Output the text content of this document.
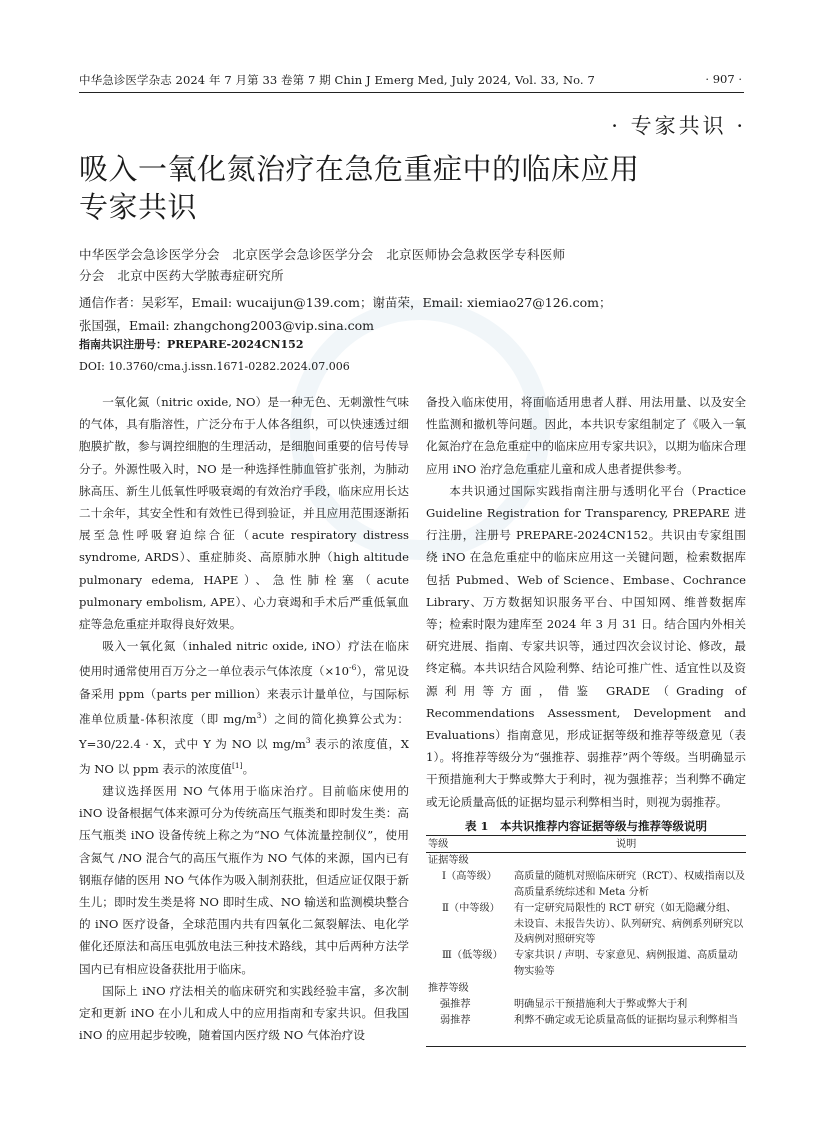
中华急诊医学杂志 2024 年 7 月第 33 卷第 7 期 Chin J Emerg Med, July 2024, Vol. 33, No. 7	· 907 ·
· 专家共识 ·
吸入一氧化氮治疗在急危重症中的临床应用
专家共识
中华医学会急诊医学分会　北京医学会急诊医学分会　北京医师协会急救医学专科医师
分会　北京中医药大学脓毒症研究所
通信作者：吴彩军，Email: wucaijun@139.com；谢苗荣，Email: xiemiao27@126.com；
张国强，Email: zhangchong2003@vip.sina.com
指南共识注册号：PREPARE-2024CN152
DOI: 10.3760/cma.j.issn.1671-0282.2024.07.006

一氧化氮（nitric oxide, NO）是一种无色、无刺激性气味的气体，具有脂溶性，广泛分布于人体各组织，可以快速透过细胞膜扩散，参与调控细胞的生理活动，是细胞间重要的信号传导分子。外源性吸入时，NO 是一种选择性肺血管扩张剂，为肺动脉高压、新生儿低氧性呼吸衰竭的有效治疗手段，临床应用长达二十余年，其安全性和有效性已得到验证，并且应用范围逐渐拓展至急性呼吸窘迫综合征（acute respiratory distress syndrome, ARDS）、重症肺炎、高原肺水肿（high altitude pulmonary edema, HAPE）、急性肺栓塞（acute pulmonary embolism, APE）、心力衰竭和手术后严重低氧血症等急危重症并取得良好效果。

吸入一氧化氮（inhaled nitric oxide, iNO）疗法在临床使用时通常使用百万分之一单位表示气体浓度$(\times 10^{-6})$，常见设备采用 ppm（parts per million）来表示计量单位，与国际标准单位质量-体积浓度（即 $mg/m^3$）之间的简化换算公式为：Y=30/22.4 · X，式中 Y 为 NO 以 $mg/m^3$ 表示的浓度值，X 为 NO 以 ppm 表示的浓度值[1]。

建议选择医用 NO 气体用于临床治疗。目前临床使用的 iNO 设备根据气体来源可分为传统高压气瓶类和即时发生类：高压气瓶类 iNO 设备传统上称之为“NO 气体流量控制仪”，使用含氮气 /NO 混合气的高压气瓶作为 NO 气体的来源，国内已有钢瓶存储的医用 NO 气体作为吸入制剂获批，但适应证仅限于新生儿；即时发生类是将 NO 即时生成、NO 输送和监测模块整合的 iNO 医疗设备，全球范围内共有四氧化二氮裂解法、电化学催化还原法和高压电弧放电法三种技术路线，其中后两种方法学国内已有相应设备获批用于临床。

国际上 iNO 疗法相关的临床研究和实践经验丰富，多次制定和更新 iNO 在小儿和成人中的应用指南和专家共识。但我国 iNO 的应用起步较晚，随着国内医疗级 NO 气体治疗设

备投入临床使用，将面临适用患者人群、用法用量、以及安全性监测和撤机等问题。因此，本共识专家组制定了《吸入一氧化氮治疗在急危重症中的临床应用专家共识》，以期为临床合理应用 iNO 治疗急危重症儿童和成人患者提供参考。

本共识通过国际实践指南注册与透明化平台（Practice Guideline Registration for Transparency, PREPARE 进行注册，注册号 PREPARE-2024CN152。共识由专家组围绕 iNO 在急危重症中的临床应用这一关键问题，检索数据库包括 Pubmed、Web of Science、Embase、Cochrance Library、万方数据知识服务平台、中国知网、维普数据库等；检索时限为建库至 2024 年 3 月 31 日。结合国内外相关研究进展、指南、专家共识等，通过四次会议讨论、修改，最终定稿。本共识结合风险利弊、结论可推广性、适宜性以及资源利用等方面，借鉴 GRADE（Grading of Recommendations Assessment, Development and Evaluations）指南意见，形成证据等级和推荐等级意见（表 1）。将推荐等级分为“强推荐、弱推荐”两个等级。当明确显示干预措施利大于弊或弊大于利时，视为强推荐；当利弊不确定或无论质量高低的证据均显示利弊相当时，则视为弱推荐。

表 1　本共识推荐内容证据等级与推荐等级说明
等级	说明
证据等级
Ⅰ（高等级）	高质量的随机对照临床研究（RCT）、权威指南以及高质量系统综述和 Meta 分析
Ⅱ（中等级）	有一定研究局限性的 RCT 研究（如无隐藏分组、未设盲、未报告失访）、队列研究、病例系列研究以及病例对照研究等
Ⅲ（低等级）	专家共识 / 声明、专家意见、病例报道、高质量动物实验等
推荐等级
强推荐	明确显示干预措施利大于弊或弊大于利
弱推荐	利弊不确定或无论质量高低的证据均显示利弊相当
